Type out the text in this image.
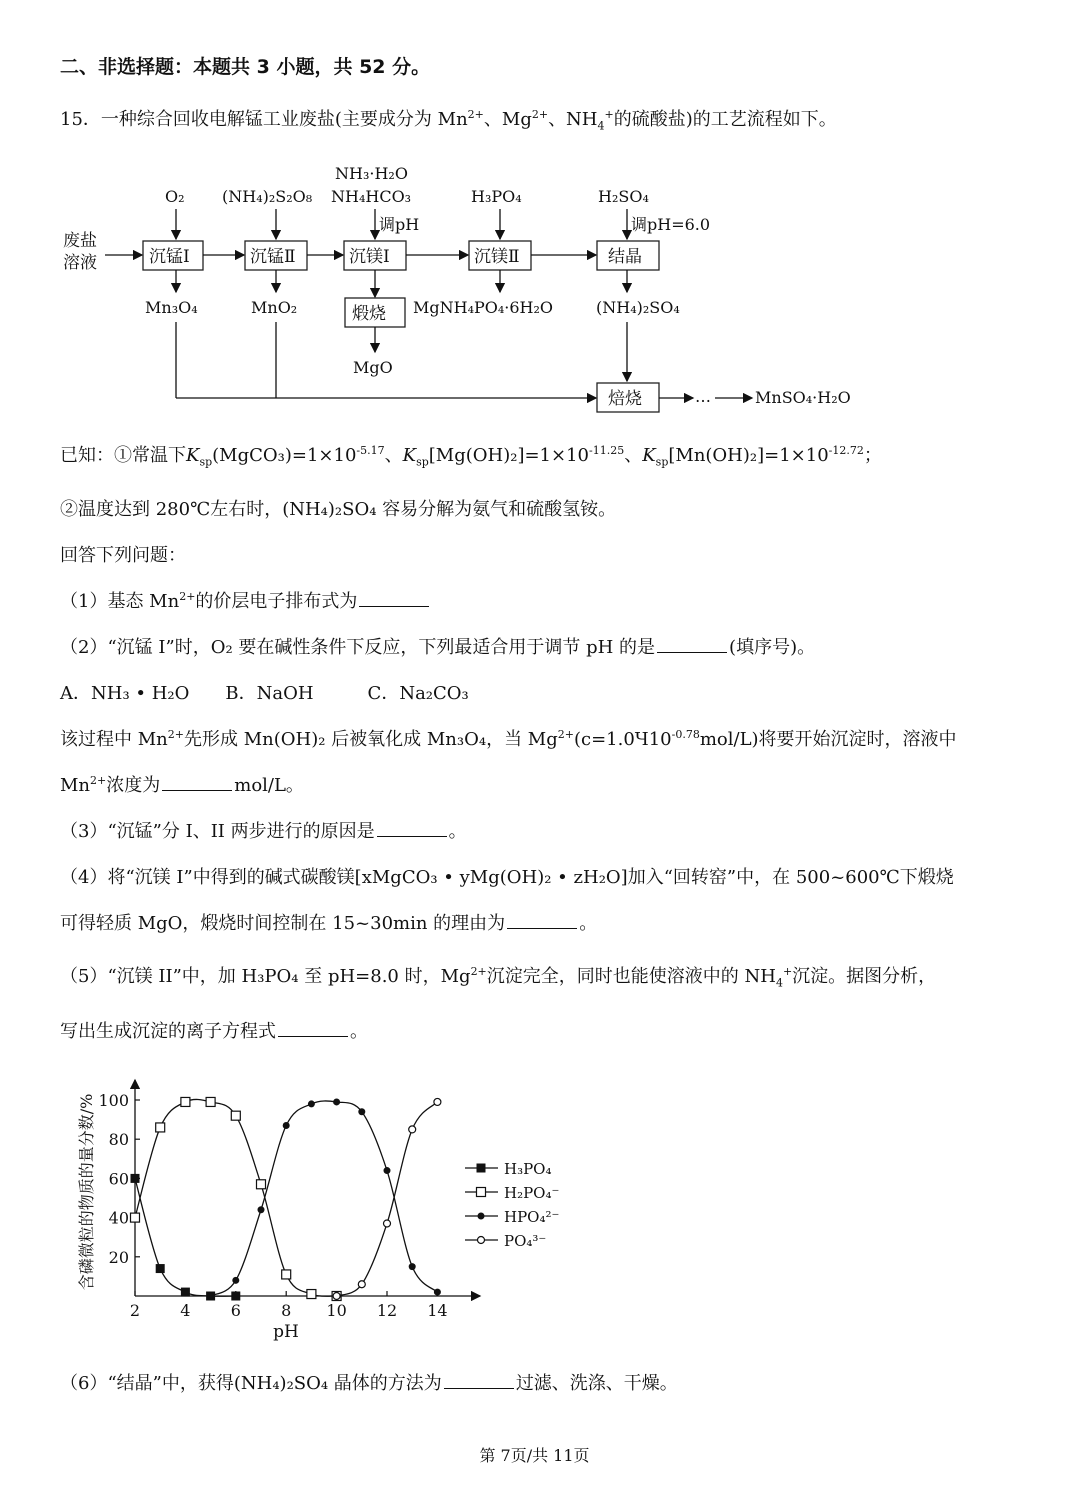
二、非选择题：本题共 3 小题，共 52 分。
15．一种综合回收电解锰工业废盐(主要成分为 $Mn^{2+}$、$Mg^{2+}$、$NH_4^+$的硫酸盐)的工艺流程如下。
废盐
溶液	沉锰Ⅰ	沉锰Ⅱ	沉镁Ⅰ	沉镁Ⅱ	结晶
O₂ (NH₄)₂S₂O₈
NH₃·H₂O
NH₄HCO₃
调pH
H₃PO₄	H₂SO₄
调pH=6.0
Mn₃O₄	MnO₂	煅烧
MgO
MgNH₄PO₄·6H₂O	(NH₄)₂SO₄
焙烧	…	MnSO₄·H₂O
已知：①常温下$K_{sp}(MgCO_3)=1\times 10^{-5.17}$、$K_{sp}[Mg(OH)_2]=1\times 10^{-11.25}$、$K_{sp}[Mn(OH)_2]=1\times 10^{-12.72}$；
②温度达到 280℃左右时，(NH₄)₂SO₄ 容易分解为氨气和硫酸氢铵。
回答下列问题：
（1）基态 $Mn^{2+}$的价层电子排布式为
（2）“沉锰 I”时，O₂ 要在碱性条件下反应，下列最适合用于调节 pH 的是	(填序号)。
A．NH₃ • H₂O　　B．NaOH　　　C．Na₂CO₃
该过程中 $Mn^{2+}$先形成 Mn(OH)₂ 后被氧化成 Mn₃O₄，当 $Mg^{2+}(c=1.0Ч10^{-0.78}mol/L)$将要开始沉淀时，溶液中
$Mn^{2+}$浓度为	mol/L。
（3）“沉锰”分 I、II 两步进行的原因是	。
（4）将“沉镁 I”中得到的碱式碳酸镁[xMgCO₃ • yMg(OH)₂ • zH₂O]加入“回转窑”中，在 500~600℃下煅烧
可得轻质 MgO，煅烧时间控制在 15~30min 的理由为	。
（5）“沉镁 II”中，加 H₃PO₄ 至 pH=8.0 时，$Mg^{2+}$沉淀完全，同时也能使溶液中的 $NH_4^+$沉淀。据图分析，
写出生成沉淀的离子方程式	。
含磷微粒的物质的量分数/%
pH
2	4	6	8 10 12 14
20
40
60
80
100
H₃PO₄
H₂PO₄⁻
HPO₄²⁻
PO₄³⁻
（6）“结晶”中，获得(NH₄)₂SO₄ 晶体的方法为	过滤、洗涤、干燥。
第 7页/共 11页
